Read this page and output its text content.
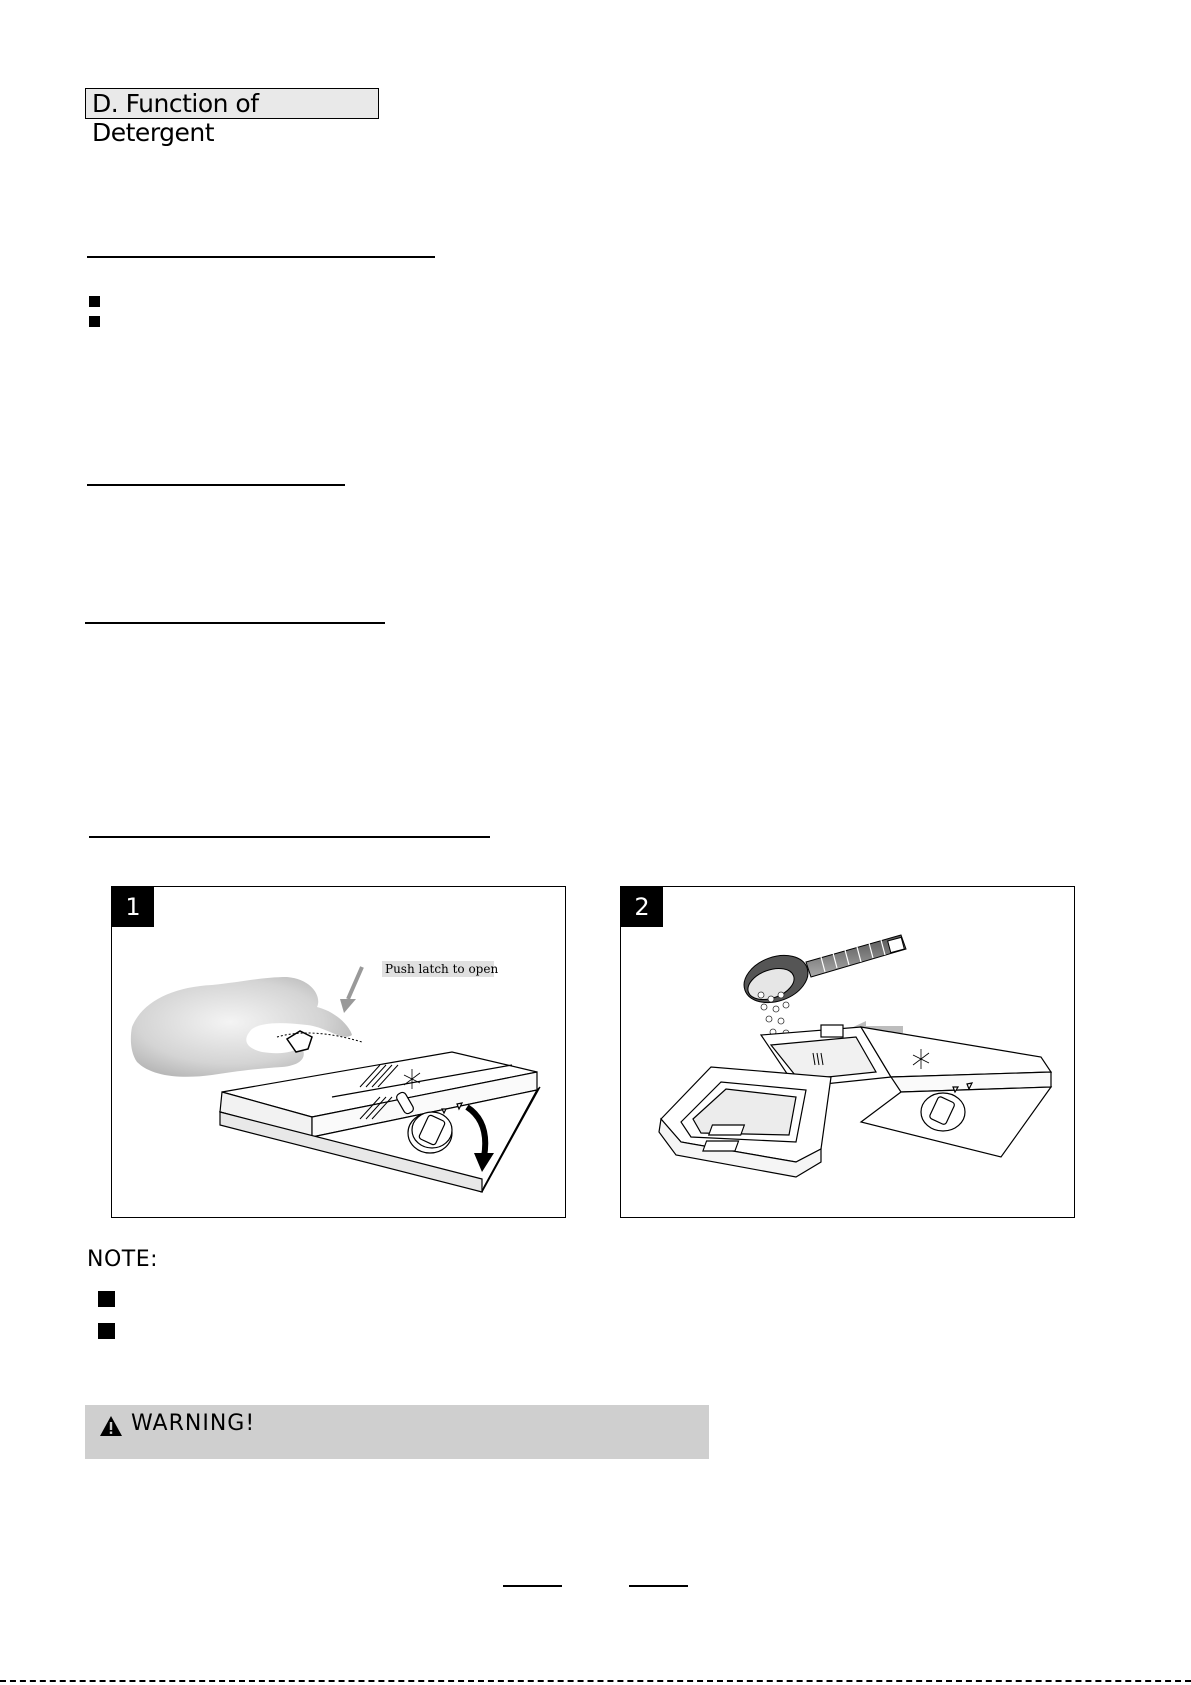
D. Function of Detergent
1
Push latch to open
2
NOTE:
WARNING!
